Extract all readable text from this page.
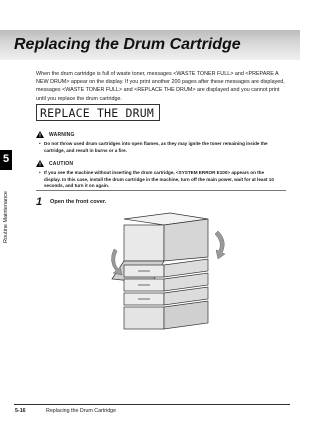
Replacing the Drum Cartridge
5
Routine Maintenance

When the drum cartridge is full of waste toner, messages <WASTE TONER FULL> and <PREPARE A NEW DRUM> appear on the display. If you print another 200 pages after these messages are displayed, messages <WASTE TONER FULL> and <REPLACE THE DRUM> are displayed and you cannot print until you replace the drum cartridge.

REPLACE THE DRUM
WARNING
• Do not throw used drum cartridges into open flames, as they may ignite the toner remaining inside the cartridge, and result in burns or a fire.
CAUTION
• If you see the machine without inserting the drum cartridge, <SYSTEM ERROR E100> appears on the display. In this case, install the drum cartridge in the machine, turn off the main power, wait for at least 10 seconds, and turn it on again.
1 Open the front cover.
5-16	Replacing the Drum Cartridge
